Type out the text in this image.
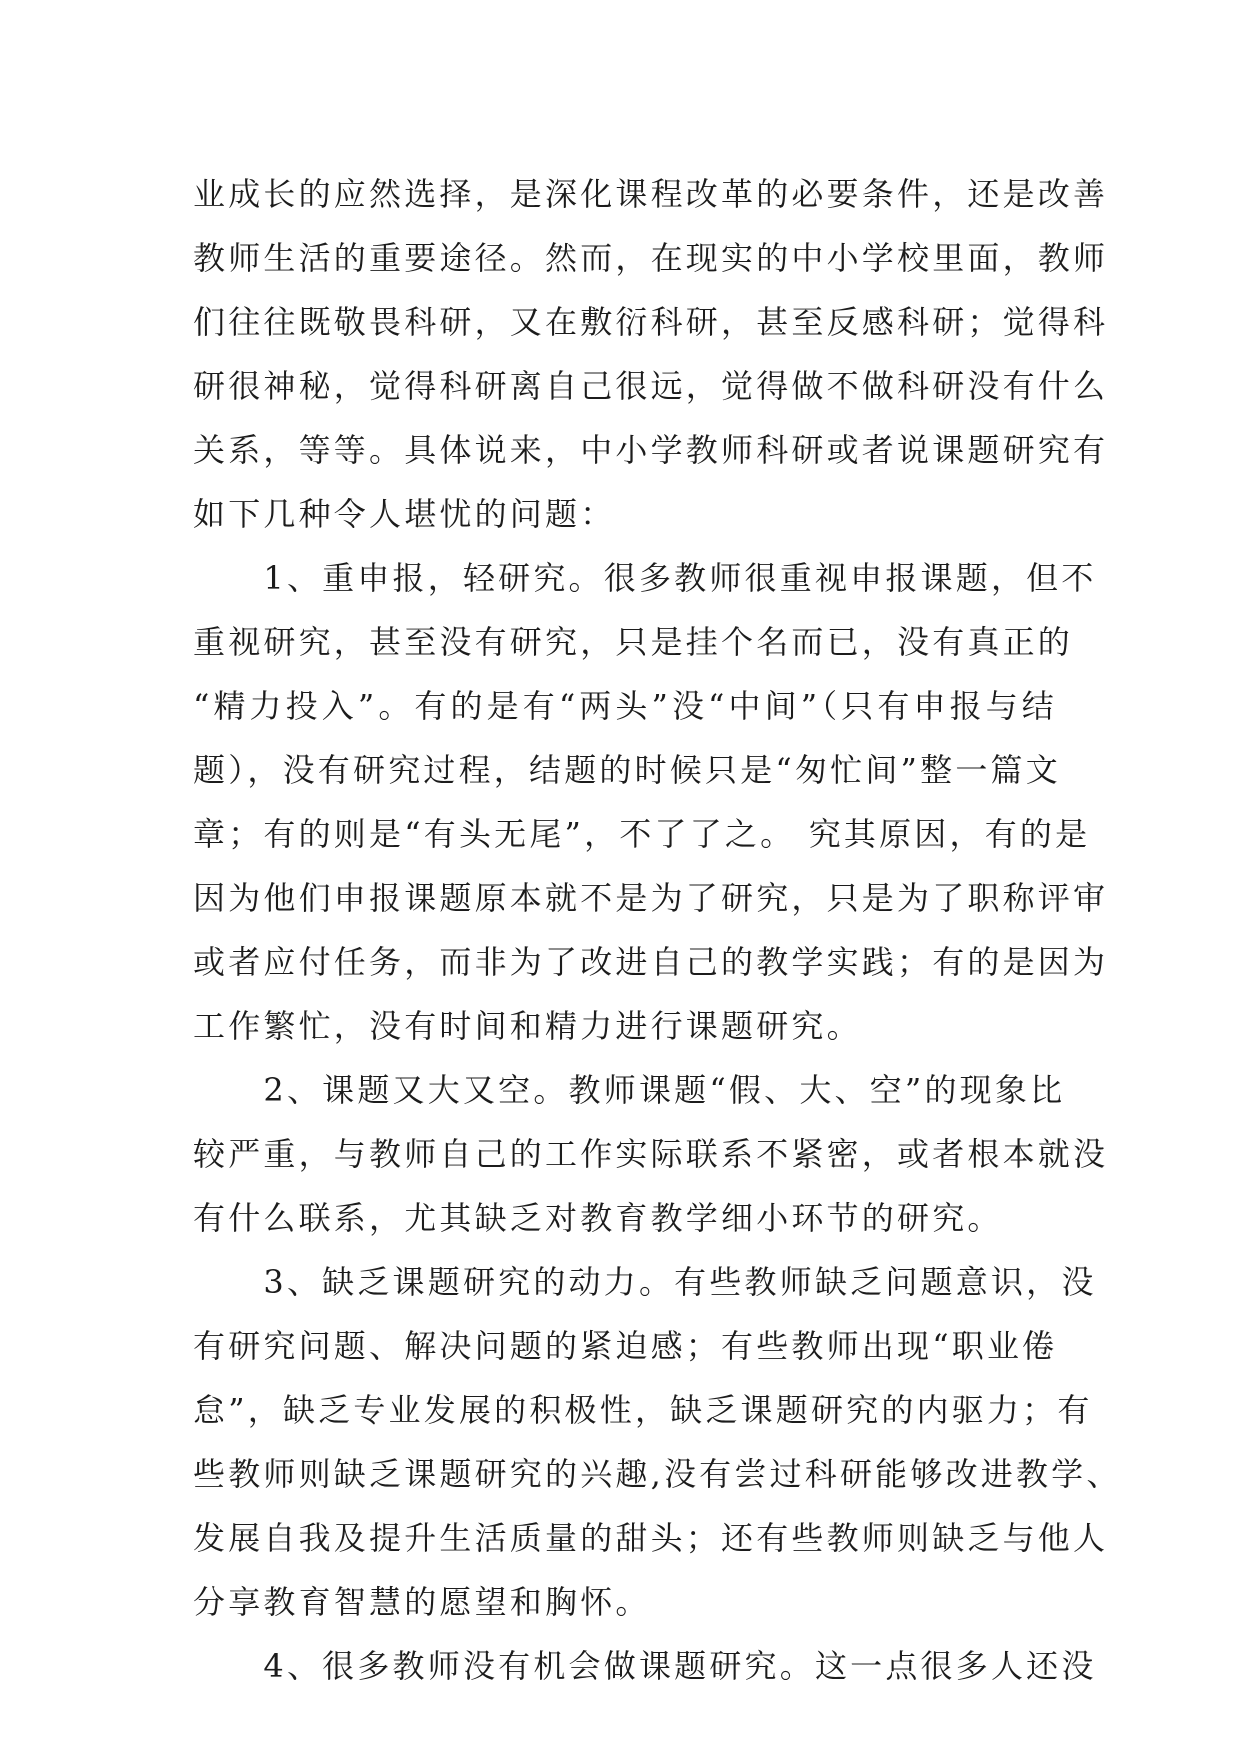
业成长的应然选择，是深化课程改革的必要条件，还是改善
教师生活的重要途径。然而，在现实的中小学校里面，教师
们往往既敬畏科研，又在敷衍科研，甚至反感科研；觉得科
研很神秘，觉得科研离自己很远，觉得做不做科研没有什么
关系，等等。具体说来，中小学教师科研或者说课题研究有
如下几种令人堪忧的问题：
　　1、重申报，轻研究。很多教师很重视申报课题，但不
重视研究，甚至没有研究，只是挂个名而已，没有真正的
“精力投入”。有的是有“两头”没“中间”（只有申报与结
题），没有研究过程，结题的时候只是“匆忙间”整一篇文
章；有的则是“有头无尾”，不了了之。 究其原因，有的是
因为他们申报课题原本就不是为了研究，只是为了职称评审
或者应付任务，而非为了改进自己的教学实践；有的是因为
工作繁忙，没有时间和精力进行课题研究。
　　2、课题又大又空。教师课题“假、大、空”的现象比
较严重，与教师自己的工作实际联系不紧密，或者根本就没
有什么联系，尤其缺乏对教育教学细小环节的研究。
　　3、缺乏课题研究的动力。有些教师缺乏问题意识，没
有研究问题、解决问题的紧迫感；有些教师出现“职业倦
怠”，缺乏专业发展的积极性，缺乏课题研究的内驱力；有
些教师则缺乏课题研究的兴趣,没有尝过科研能够改进教学、
发展自我及提升生活质量的甜头；还有些教师则缺乏与他人
分享教育智慧的愿望和胸怀。
　　4、很多教师没有机会做课题研究。这一点很多人还没
